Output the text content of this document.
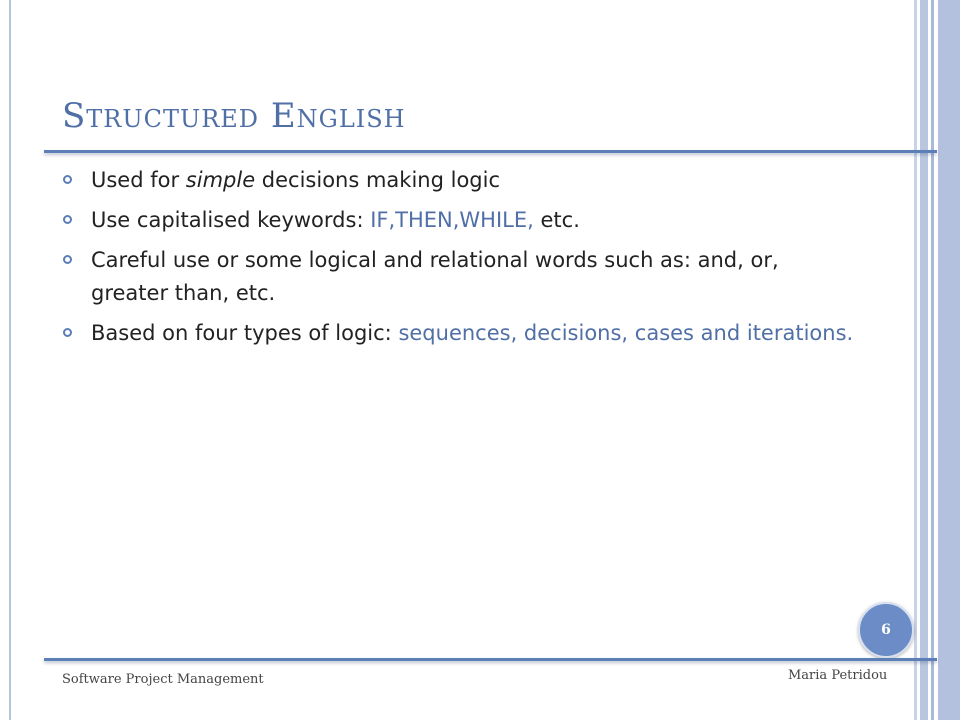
Structured English
Used for simple decisions making logic
Use capitalised keywords: IF,THEN,WHILE, etc.
Careful use or some logical and relational words such as: and, or, greater than, etc.
Based on four types of logic: sequences, decisions, cases and iterations.
6
Software Project Management	Maria Petridou
